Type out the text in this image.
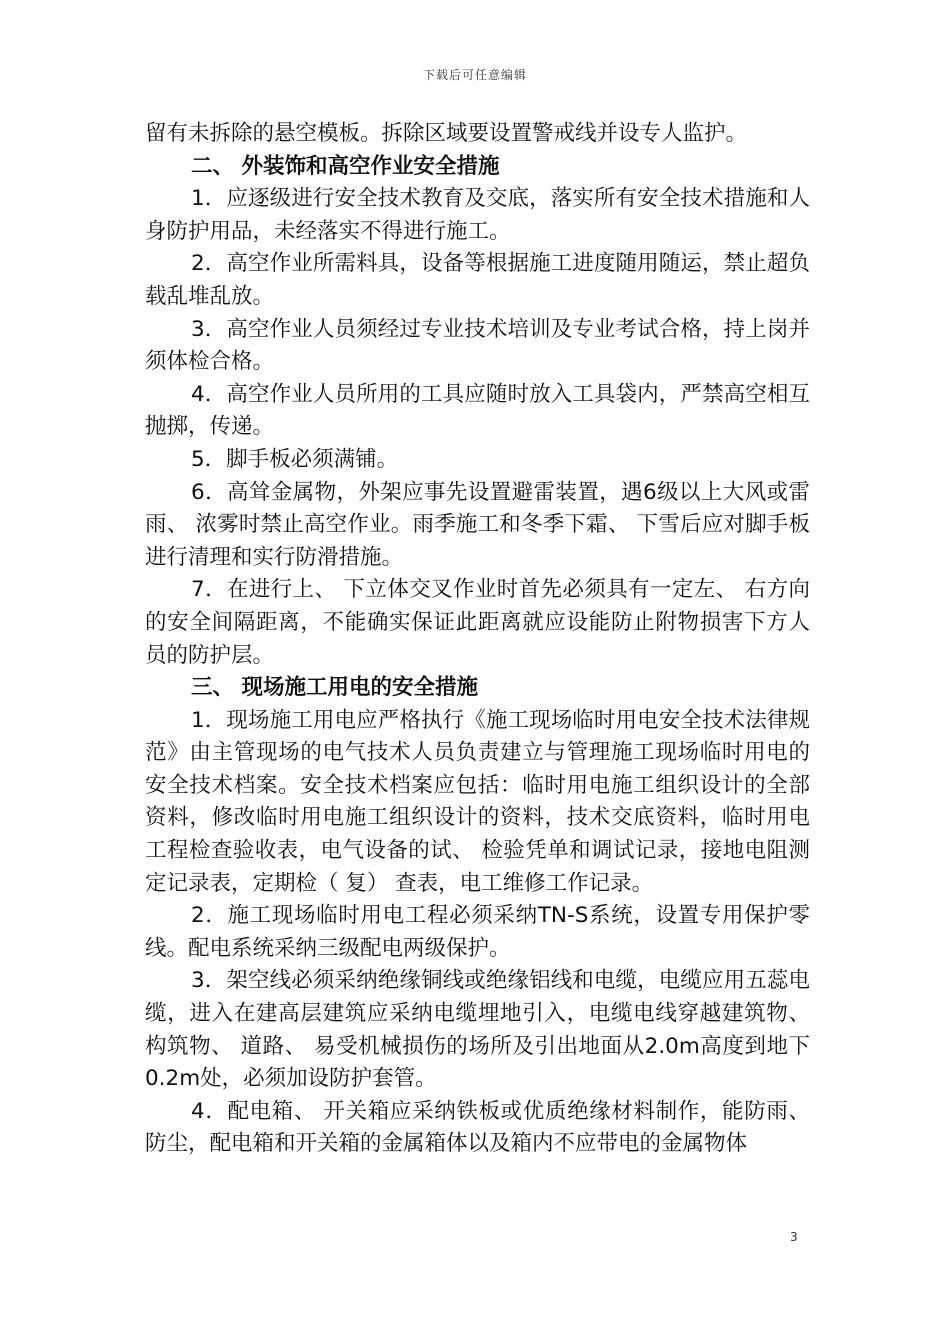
下载后可任意编辑

留有未拆除的悬空模板。拆除区域要设置警戒线并设专人监护。

二、 外装饰和高空作业安全措施

1．应逐级进行安全技术教育及交底，落实所有安全技术措施和人身防护用品，未经落实不得进行施工。

2．高空作业所需料具，设备等根据施工进度随用随运，禁止超负载乱堆乱放。

3．高空作业人员须经过专业技术培训及专业考试合格，持上岗并须体检合格。

4．高空作业人员所用的工具应随时放入工具袋内，严禁高空相互抛掷，传递。

5．脚手板必须满铺。

6．高耸金属物，外架应事先设置避雷装置，遇6级以上大风或雷雨、 浓雾时禁止高空作业。雨季施工和冬季下霜、 下雪后应对脚手板进行清理和实行防滑措施。

7．在进行上、 下立体交叉作业时首先必须具有一定左、 右方向的安全间隔距离，不能确实保证此距离就应设能防止附物损害下方人员的防护层。

三、 现场施工用电的安全措施

1．现场施工用电应严格执行《施工现场临时用电安全技术法律规范》由主管现场的电气技术人员负责建立与管理施工现场临时用电的安全技术档案。安全技术档案应包括：临时用电施工组织设计的全部资料，修改临时用电施工组织设计的资料，技术交底资料，临时用电工程检查验收表，电气设备的试、 检验凭单和调试记录，接地电阻测定记录表，定期检（ 复） 查表，电工维修工作记录。

2．施工现场临时用电工程必须采纳TN-S系统，设置专用保护零线。配电系统采纳三级配电两级保护。

3．架空线必须采纳绝缘铜线或绝缘铝线和电缆，电缆应用五蕊电缆，进入在建高层建筑应采纳电缆埋地引入，电缆电线穿越建筑物、 构筑物、 道路、 易受机械损伤的场所及引出地面从2.0m高度到地下0.2m处，必须加设防护套管。

4．配电箱、 开关箱应采纳铁板或优质绝缘材料制作，能防雨、 防尘，配电箱和开关箱的金属箱体以及箱内不应带电的金属物体

3
